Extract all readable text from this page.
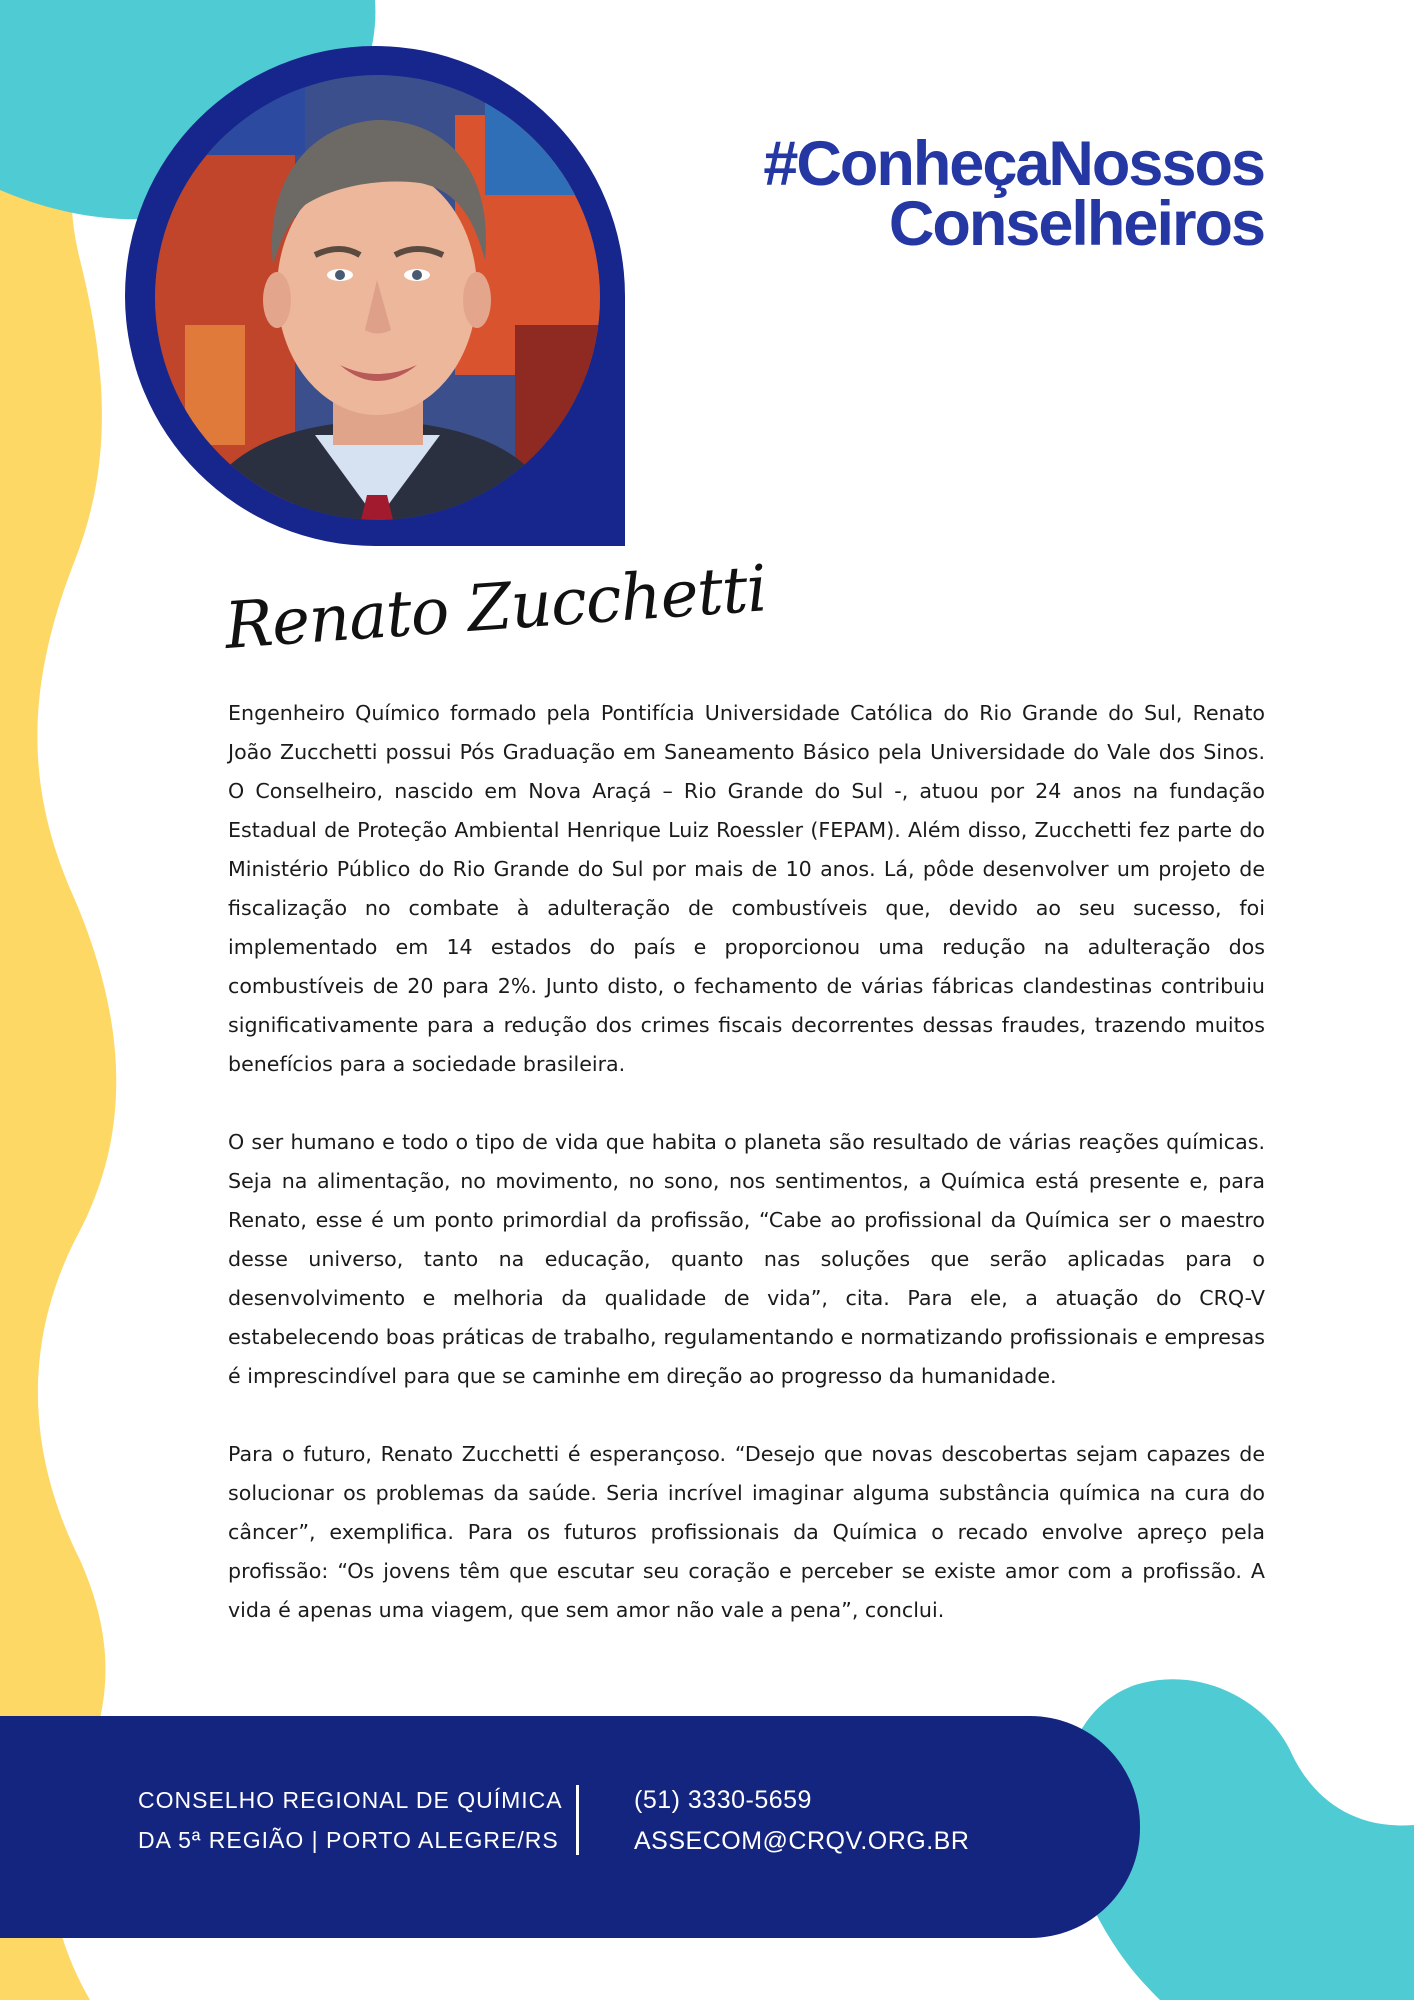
#ConheçaNossos
Conselheiros
Renato Zucchetti

Engenheiro Químico formado pela Pontifícia Universidade Católica do Rio Grande do Sul, Renato João Zucchetti possui Pós Graduação em Saneamento Básico pela Universidade do Vale dos Sinos. O Conselheiro, nascido em Nova Araçá – Rio Grande do Sul -, atuou por 24 anos na fundação Estadual de Proteção Ambiental Henrique Luiz Roessler (FEPAM). Além disso, Zucchetti fez parte do Ministério Público do Rio Grande do Sul por mais de 10 anos. Lá, pôde desenvolver um projeto de fiscalização no combate à adulteração de combustíveis que, devido ao seu sucesso, foi implementado em 14 estados do país e proporcionou uma redução na adulteração dos combustíveis de 20 para 2%. Junto disto, o fechamento de várias fábricas clandestinas contribuiu significativamente para a redução dos crimes fiscais decorrentes dessas fraudes, trazendo muitos benefícios para a sociedade brasileira.

O ser humano e todo o tipo de vida que habita o planeta são resultado de várias reações químicas. Seja na alimentação, no movimento, no sono, nos sentimentos, a Química está presente e, para Renato, esse é um ponto primordial da profissão, “Cabe ao profissional da Química ser o maestro desse universo, tanto na educação, quanto nas soluções que serão aplicadas para o desenvolvimento e melhoria da qualidade de vida”, cita. Para ele, a atuação do CRQ-V estabelecendo boas práticas de trabalho, regulamentando e normatizando profissionais e empresas é imprescindível para que se caminhe em direção ao progresso da humanidade.

Para o futuro, Renato Zucchetti é esperançoso. “Desejo que novas descobertas sejam capazes de solucionar os problemas da saúde. Seria incrível imaginar alguma substância química na cura do câncer”, exemplifica. Para os futuros profissionais da Química o recado envolve apreço pela profissão: “Os jovens têm que escutar seu coração e perceber se existe amor com a profissão. A vida é apenas uma viagem, que sem amor não vale a pena”, conclui.

CONSELHO REGIONAL DE QUÍMICA
DA 5ª REGIÃO | PORTO ALEGRE/RS
(51) 3330-5659
ASSECOM@CRQV.ORG.BR
